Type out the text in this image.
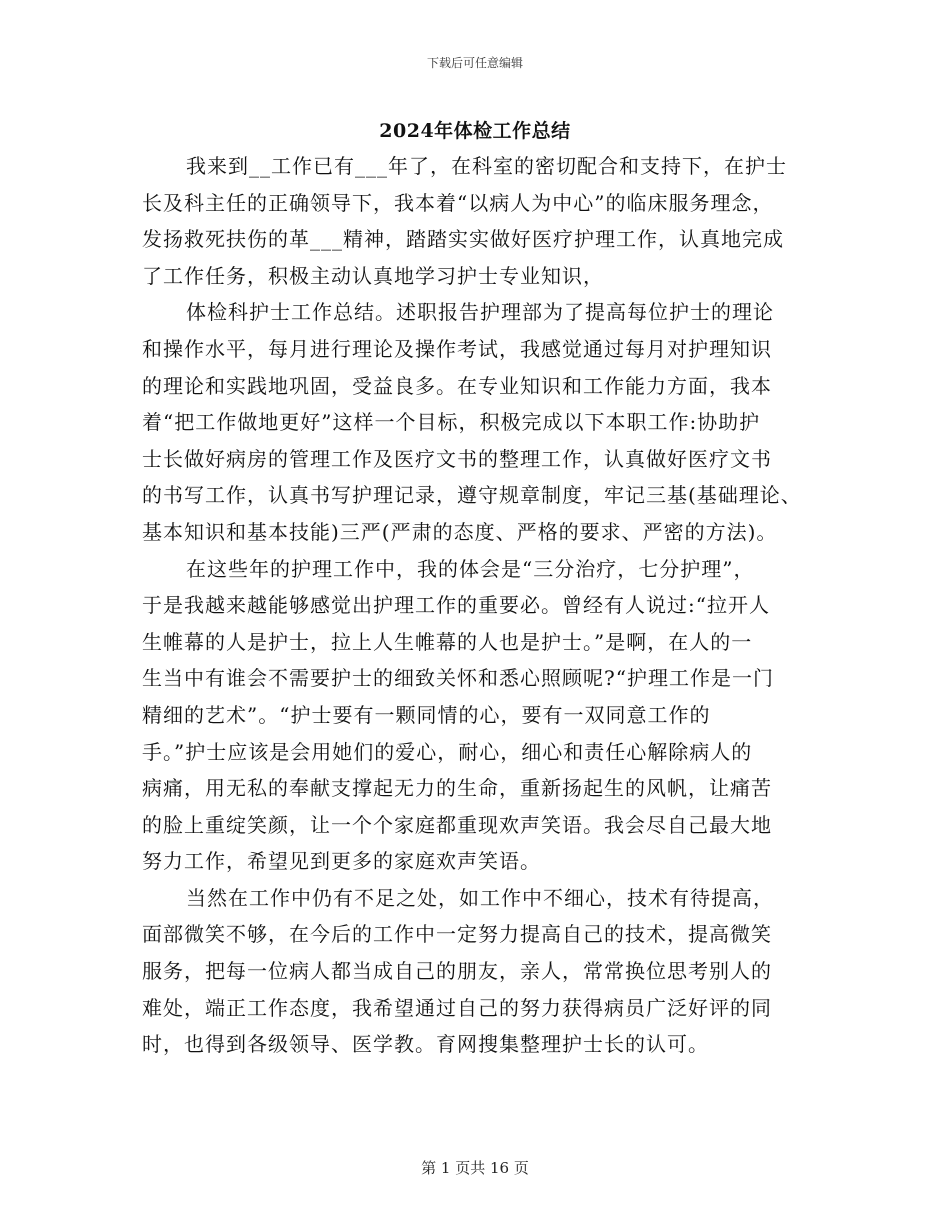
下载后可任意编辑
2024年体检工作总结
我来到__工作已有___年了，在科室的密切配合和支持下，在护士
长及科主任的正确领导下，我本着“以病人为中心”的临床服务理念，
发扬救死扶伤的革___精神，踏踏实实做好医疗护理工作，认真地完成
了工作任务，积极主动认真地学习护士专业知识，
体检科护士工作总结。述职报告护理部为了提高每位护士的理论
和操作水平，每月进行理论及操作考试，我感觉通过每月对护理知识
的理论和实践地巩固，受益良多。在专业知识和工作能力方面，我本
着“把工作做地更好”这样一个目标，积极完成以下本职工作:协助护
士长做好病房的管理工作及医疗文书的整理工作，认真做好医疗文书
的书写工作，认真书写护理记录，遵守规章制度，牢记三基(基础理论、
基本知识和基本技能)三严(严肃的态度、严格的要求、严密的方法)。
在这些年的护理工作中，我的体会是“三分治疗，七分护理”，
于是我越来越能够感觉出护理工作的重要必。曾经有人说过:“拉开人
生帷幕的人是护士，拉上人生帷幕的人也是护士。”是啊，在人的一
生当中有谁会不需要护士的细致关怀和悉心照顾呢?“护理工作是一门
精细的艺术”。“护士要有一颗同情的心，要有一双同意工作的
手。”护士应该是会用她们的爱心，耐心，细心和责任心解除病人的
病痛，用无私的奉献支撑起无力的生命，重新扬起生的风帆，让痛苦
的脸上重绽笑颜，让一个个家庭都重现欢声笑语。我会尽自己最大地
努力工作，希望见到更多的家庭欢声笑语。
当然在工作中仍有不足之处，如工作中不细心，技术有待提高，
面部微笑不够，在今后的工作中一定努力提高自己的技术，提高微笑
服务，把每一位病人都当成自己的朋友，亲人，常常换位思考别人的
难处，端正工作态度，我希望通过自己的努力获得病员广泛好评的同
时，也得到各级领导、医学教。育网搜集整理护士长的认可。
第 1 页共 16 页
